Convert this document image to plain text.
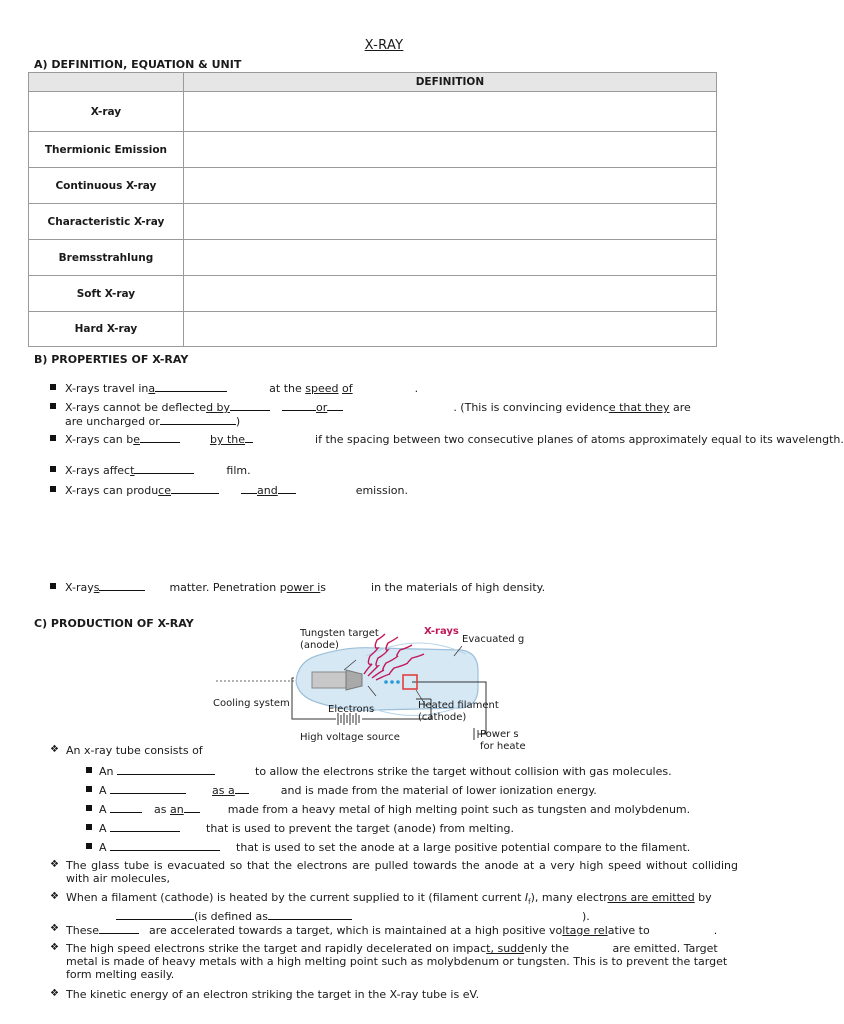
X-RAY
A) DEFINITION, EQUATION & UNIT
	DEFINITION
X-ray	
Thermionic Emission	
Continuous X-ray	
Characteristic X-ray	
Bremsstrahlung	
Soft X-ray	
Hard X-ray	
B) PROPERTIES OF X-RAY
X-rays travel ina	at the speed of	.
X-rays cannot be deflected by	or	. (This is convincing evidence that they are
are uncharged or	)
X-rays can be	by the	if the spacing between two consecutive planes of atoms approximately equal to its wavelength.
X-rays affect	film.
X-rays can produce	and	emission.
X-rays	matter. Penetration power is	in the materials of high density.
C) PRODUCTION OF X-RAY
Tungsten target
(anode)
X-rays
Evacuated g
Cooling system
Electrons	Heated filament
(cathode)
High voltage source	Power s
for heate
❖ An x-ray tube consists of
An	to allow the electrons strike the target without collision with gas molecules.
A	as a	and is made from the material of lower ionization energy.
A	as an	made from a heavy metal of high melting point such as tungsten and molybdenum.
A	that is used to prevent the target (anode) from melting.
A	that is used to set the anode at a large positive potential compare to the filament.
❖ The glass tube is evacuated so that the electrons are pulled towards the anode at a very high speed without colliding with air molecules,
❖ When a filament (cathode) is heated by the current supplied to it (filament current $I_f$), many electrons are emitted by
(is defined as	).
❖ These	are accelerated towards a target, which is maintained at a high positive voltage relative to	.
❖ The high speed electrons strike the target and rapidly decelerated on impact, suddenly the	are emitted. Target metal is made of heavy metals with a high melting point such as molybdenum or tungsten. This is to prevent the target form melting easily.
❖ The kinetic energy of an electron striking the target in the X-ray tube is eV.
